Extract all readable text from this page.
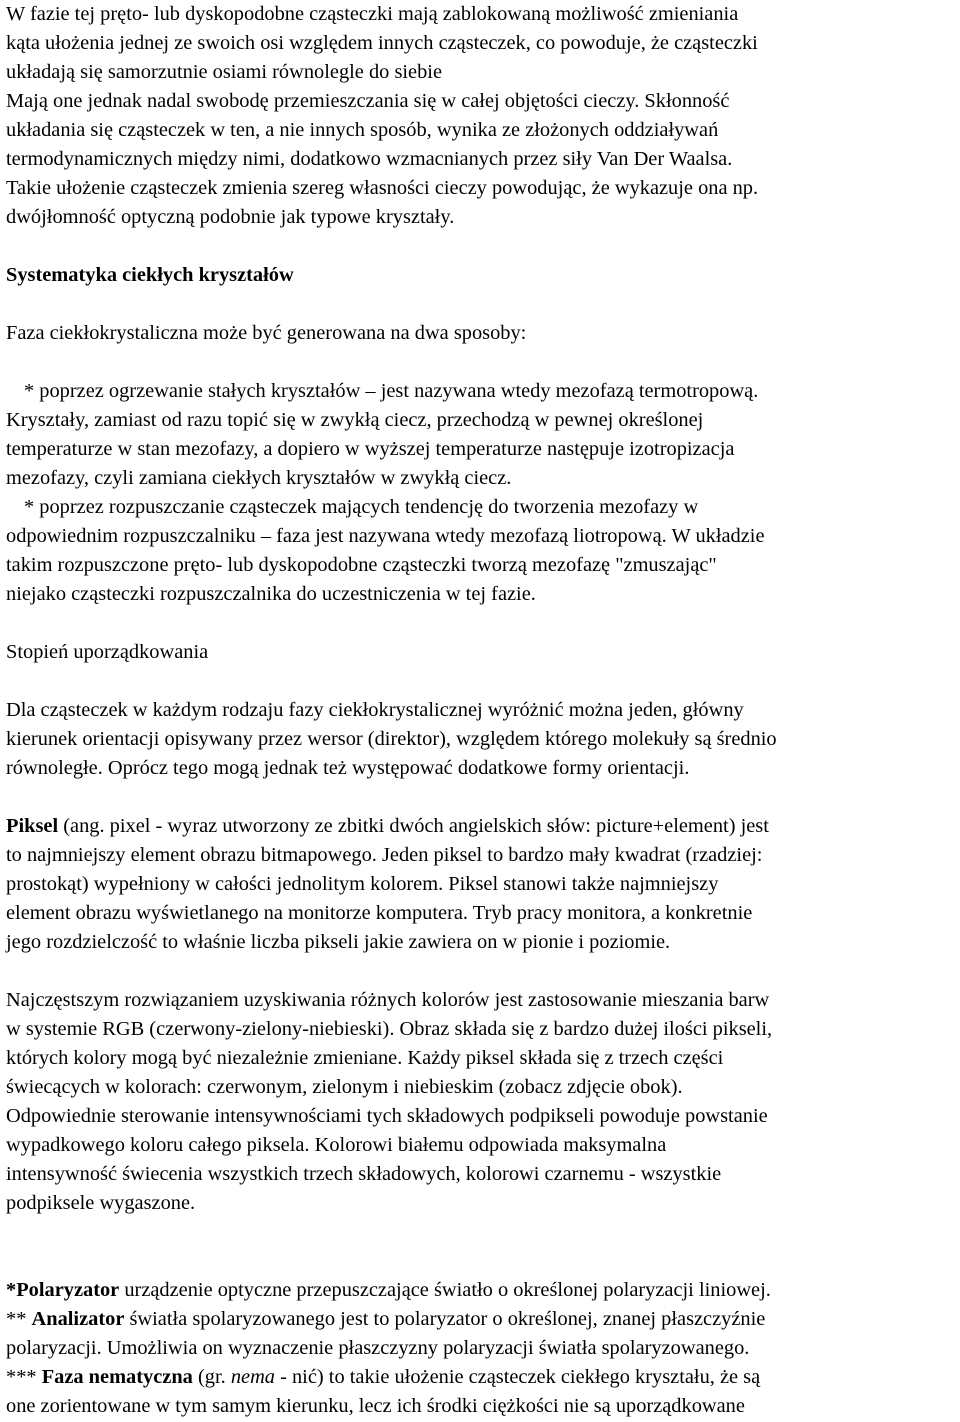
W fazie tej pręto- lub dyskopodobne cząsteczki mają zablokowaną możliwość zmieniania
kąta ułożenia jednej ze swoich osi względem innych cząsteczek, co powoduje, że cząsteczki
układają się samorzutnie osiami równolegle do siebie
Mają one jednak nadal swobodę przemieszczania się w całej objętości cieczy. Skłonność
układania się cząsteczek w ten, a nie innych sposób, wynika ze złożonych oddziaływań
termodynamicznych między nimi, dodatkowo wzmacnianych przez siły Van Der Waalsa.
Takie ułożenie cząsteczek zmienia szereg własności cieczy powodując, że wykazuje ona np.
dwójłomność optyczną podobnie jak typowe kryształy.
Systematyka ciekłych kryształów
Faza ciekłokrystaliczna może być generowana na dwa sposoby:
* poprzez ogrzewanie stałych kryształów – jest nazywana wtedy mezofazą termotropową.
Kryształy, zamiast od razu topić się w zwykłą ciecz, przechodzą w pewnej określonej
temperaturze w stan mezofazy, a dopiero w wyższej temperaturze następuje izotropizacja
mezofazy, czyli zamiana ciekłych kryształów w zwykłą ciecz.
* poprzez rozpuszczanie cząsteczek mających tendencję do tworzenia mezofazy w
odpowiednim rozpuszczalniku – faza jest nazywana wtedy mezofazą liotropową. W układzie
takim rozpuszczone pręto- lub dyskopodobne cząsteczki tworzą mezofazę "zmuszając"
niejako cząsteczki rozpuszczalnika do uczestniczenia w tej fazie.
Stopień uporządkowania
Dla cząsteczek w każdym rodzaju fazy ciekłokrystalicznej wyróżnić można jeden, główny
kierunek orientacji opisywany przez wersor (direktor), względem którego molekuły są średnio
równoległe. Oprócz tego mogą jednak też występować dodatkowe formy orientacji.
Piksel (ang. pixel - wyraz utworzony ze zbitki dwóch angielskich słów: picture+element) jest
to najmniejszy element obrazu bitmapowego. Jeden piksel to bardzo mały kwadrat (rzadziej:
prostokąt) wypełniony w całości jednolitym kolorem. Piksel stanowi także najmniejszy
element obrazu wyświetlanego na monitorze komputera. Tryb pracy monitora, a konkretnie
jego rozdzielczość to właśnie liczba pikseli jakie zawiera on w pionie i poziomie.
Najczęstszym rozwiązaniem uzyskiwania różnych kolorów jest zastosowanie mieszania barw
w systemie RGB (czerwony-zielony-niebieski). Obraz składa się z bardzo dużej ilości pikseli,
których kolory mogą być niezależnie zmieniane. Każdy piksel składa się z trzech części
świecących w kolorach: czerwonym, zielonym i niebieskim (zobacz zdjęcie obok).
Odpowiednie sterowanie intensywnościami tych składowych podpikseli powoduje powstanie
wypadkowego koloru całego piksela. Kolorowi białemu odpowiada maksymalna
intensywność świecenia wszystkich trzech składowych, kolorowi czarnemu - wszystkie
podpiksele wygaszone.
*Polaryzator urządzenie optyczne przepuszczające światło o określonej polaryzacji liniowej.
** Analizator światła spolaryzowanego jest to polaryzator o określonej, znanej płaszczyźnie
polaryzacji. Umożliwia on wyznaczenie płaszczyzny polaryzacji światła spolaryzowanego.
*** Faza nematyczna (gr. nema - nić) to takie ułożenie cząsteczek ciekłego kryształu, że są
one zorientowane w tym samym kierunku, lecz ich środki ciężkości nie są uporządkowane
